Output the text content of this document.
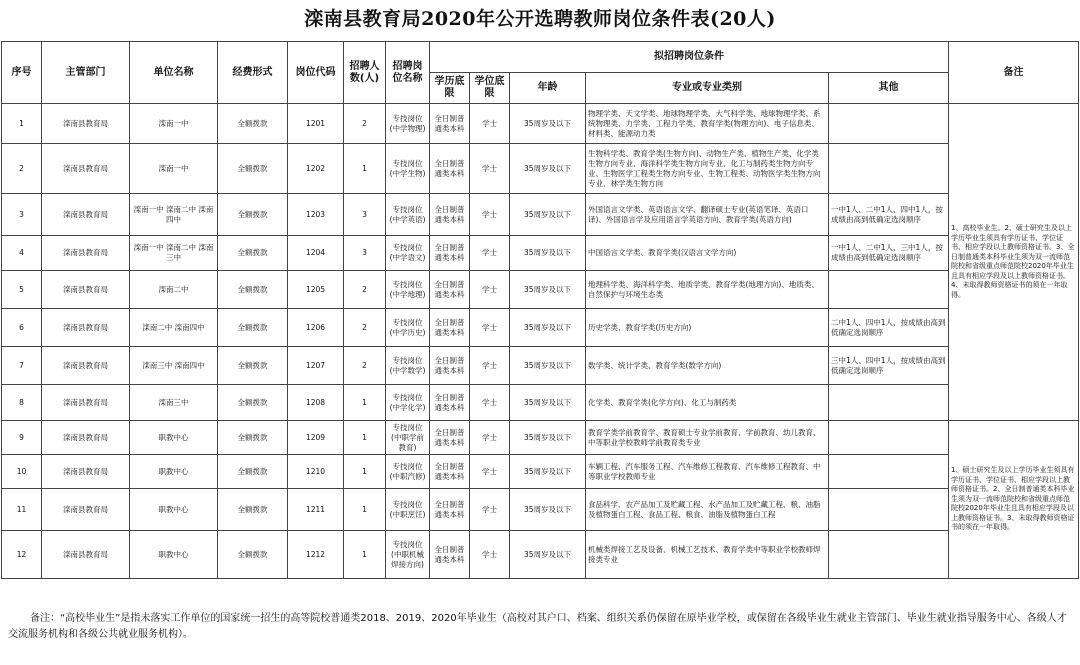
滦南县教育局2020年公开选聘教师岗位条件表(20人)
序号	主管部门	单位名称	经费形式	岗位代码	招聘人数(人)	招聘岗位名称	拟招聘岗位条件					备注
							学历底限	学位底限	年龄	专业或专业类别	其他	
1	滦南县教育局	滦南一中	全额拨款	1201	2	专技岗位(中学物理)	全日制普通类本科	学士	35周岁及以下	物理学类、天文学类、地球物理学类、大气科学类、地球物理学类、系统物理类、力学类、工程力学类、教育学类(物理方向)、电子信息类、材料类、能源动力类		1、高校毕业生。2、硕士研究生及以上学历毕业生须具有学历证书、学位证书、相应学段以上教师资格证书。3、全日制普通类本科毕业生须为双一流师范院校和省级重点师范院校2020年毕业生且具有相应学段及以上教师资格证书。4、未取得教师资格证书的须在一年取得。
2	滦南县教育局	滦南一中	全额拨款	1202	1	专技岗位(中学生物)	全日制普通类本科	学士	35周岁及以下	生物科学类、教育学类(生物方向)、动物生产类、植物生产类、化学类生物方向专业、海洋科学类生物方向专业、化工与制药类生物方向专业、生物医学工程类生物方向专业、生物工程类、动物医学类生物方向专业、林学类生物方向		
3	滦南县教育局	滦南一中 滦南二中 滦南四中	全额拨款	1203	3	专技岗位(中学英语)	全日制普通类本科	学士	35周岁及以下	外国语言文学类、英语语言文学、翻译硕士专业(英语笔译、英语口译)、外国语言学及应用语言学英语方向、教育学类(英语方向)	一中1人、二中1人、四中1人，按成绩由高到低确定选岗顺序	
4	滦南县教育局	滦南一中 滦南二中 滦南三中	全额拨款	1204	3	专技岗位(中学语文)	全日制普通类本科	学士	35周岁及以下	中国语言文学类、教育学类(汉语言文学方向)	一中1人、二中1人、三中1人，按成绩由高到低确定选岗顺序	
5	滦南县教育局	滦南二中	全额拨款	1205	2	专技岗位(中学地理)	全日制普通类本科	学士	35周岁及以下	地理科学类、海洋科学类、地质学类、教育学类(地理方向)、地质类、自然保护与环境生态类		
6	滦南县教育局	滦南二中 滦南四中	全额拨款	1206	2	专技岗位(中学历史)	全日制普通类本科	学士	35周岁及以下	历史学类、教育学类(历史方向)	二中1人、四中1人，按成绩由高到低确定选岗顺序	
7	滦南县教育局	滦南三中 滦南四中	全额拨款	1207	2	专技岗位(中学数学)	全日制普通类本科	学士	35周岁及以下	数学类、统计学类、教育学类(数学方向)	三中1人、四中1人，按成绩由高到低确定选岗顺序	
8	滦南县教育局	滦南三中	全额拨款	1208	1	专技岗位(中学化学)	全日制普通类本科	学士	35周岁及以下	化学类、教育学类(化学方向)、化工与制药类		
9	滦南县教育局	职教中心	全额拨款	1209	1	专技岗位(中职学前教育)	全日制普通类本科	学士	35周岁及以下	教育学类学前教育学、教育硕士专业学前教育、学前教育、幼儿教育、中等职业学校教师学前教育类专业		1、硕士研究生及以上学历毕业生须具有学历证书、学位证书、相应学段以上教师资格证书。2、全日制普通类本科毕业生须为双一流师范院校和省级重点师范院校2020年毕业生且具有相应学段及以上教师资格证书。3、未取得教师资格证书的须在一年取得。
10	滦南县教育局	职教中心	全额拨款	1210	1	专技岗位(中职汽修)	全日制普通类本科	学士	35周岁及以下	车辆工程、汽车服务工程、汽车维修工程教育、汽车维修工程教育、中等职业学校教师专业		
11	滦南县教育局	职教中心	全额拨款	1211	1	专技岗位(中职烹饪)	全日制普通类本科	学士	35周岁及以下	食品科学、农产品加工及贮藏工程、水产品加工及贮藏工程、粮、油脂及植物蛋白工程、食品工程、粮食、油脂及植物蛋白工程		
12	滦南县教育局	职教中心	全额拨款	1212	1	专技岗位(中职机械焊接方向)	全日制普通类本科	学士	35周岁及以下	机械类焊接工艺及设备、机械工艺技术、教育学类中等职业学校教师焊接类专业		
备注：“高校毕业生”是指未落实工作单位的国家统一招生的高等院校普通类2018、2019、2020年毕业生（高校对其户口、档案、组织关系仍保留在原毕业学校，或保留在各级毕业生就业主管部门、毕业生就业指导服务中心、各级人才交流服务机构和各级公共就业服务机构）。
